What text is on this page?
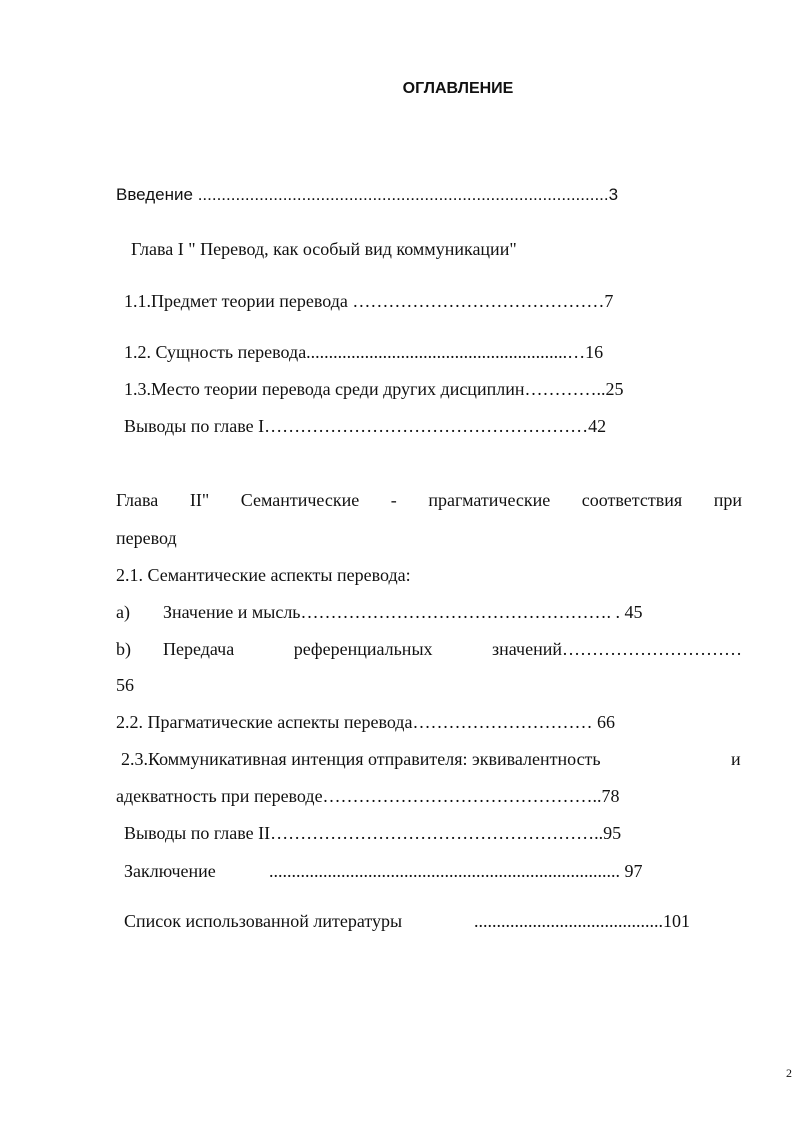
ОГЛАВЛЕНИЕ
Введение .......................................................................................3
Глава I " Перевод, как особый вид коммуникации"
1.1.Предмет теории перевода ……………………………………7
1.2. Сущность перевода..........................................................…16
1.3.Место теории перевода среди других дисциплин…………..25
Выводы по главе I………………………………………………42
Глава II" Семантические - прагматические соответствия при
перевод
2.1. Семантические аспекты перевода:
a) Значение и мысль……………………………………………. . 45
b) Передача	референциальных	значений…………………………
56
2.2. Прагматические аспекты перевода………………………… 66
2.3.Коммуникативная интенция отправителя: эквивалентность	и
адекватность при переводе………………………………………..78
Выводы по главе II………………………………………………..95
Заключение	.............................................................................. 97
Список использованной литературы	..........................................101
2
